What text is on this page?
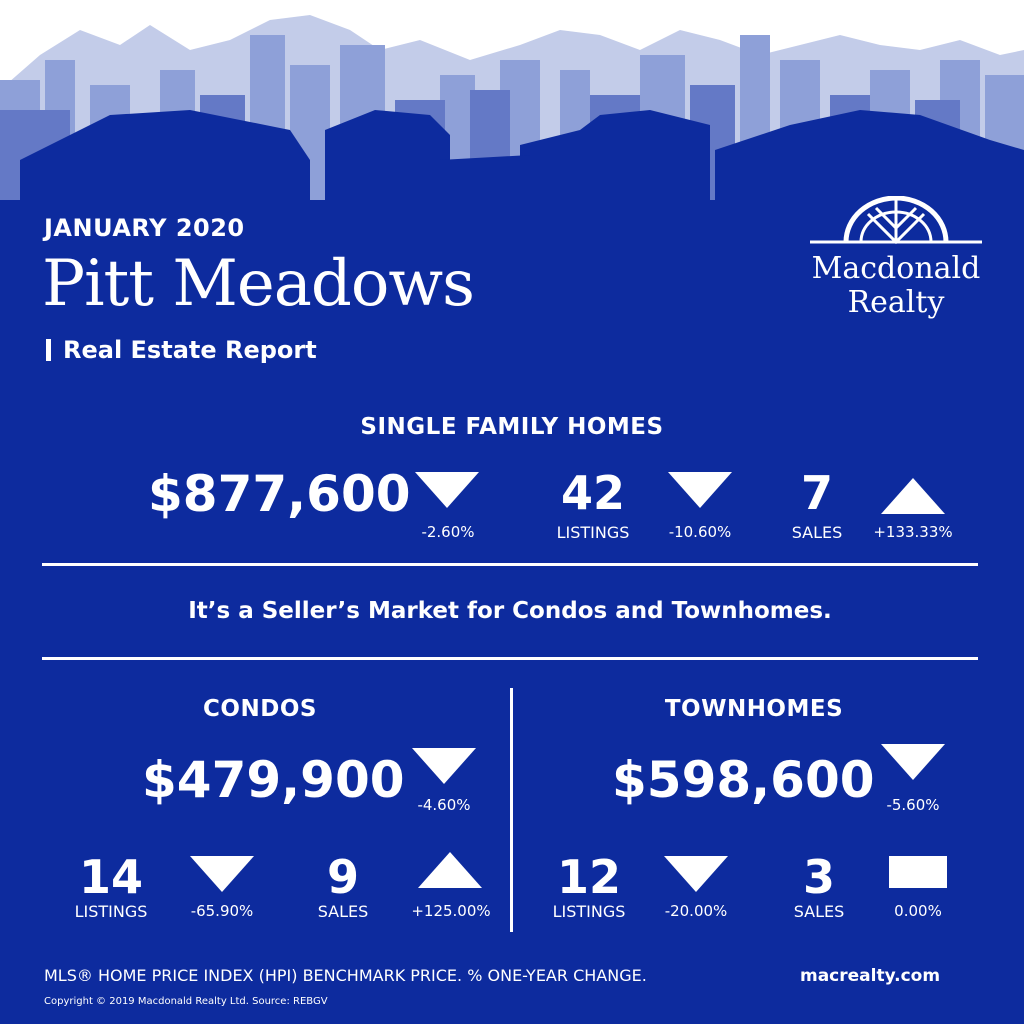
JANUARY 2020
Pitt Meadows
Real Estate Report
Macdonald
Realty
SINGLE FAMILY HOMES
$877,600
-2.60%
42
LISTINGS	-10.60%
7
SALES	+133.33%
It’s a Seller’s Market for Condos and Townhomes.
CONDOS
$479,900 -4.60%
14
LISTINGS	-65.90%
9
SALES	+125.00%
TOWNHOMES
$598,600 -5.60%
12
LISTINGS	-20.00%
3
SALES	0.00%
MLS® HOME PRICE INDEX (HPI) BENCHMARK PRICE. % ONE-YEAR CHANGE.
Copyright © 2019 Macdonald Realty Ltd. Source: REBGV
macrealty.com
